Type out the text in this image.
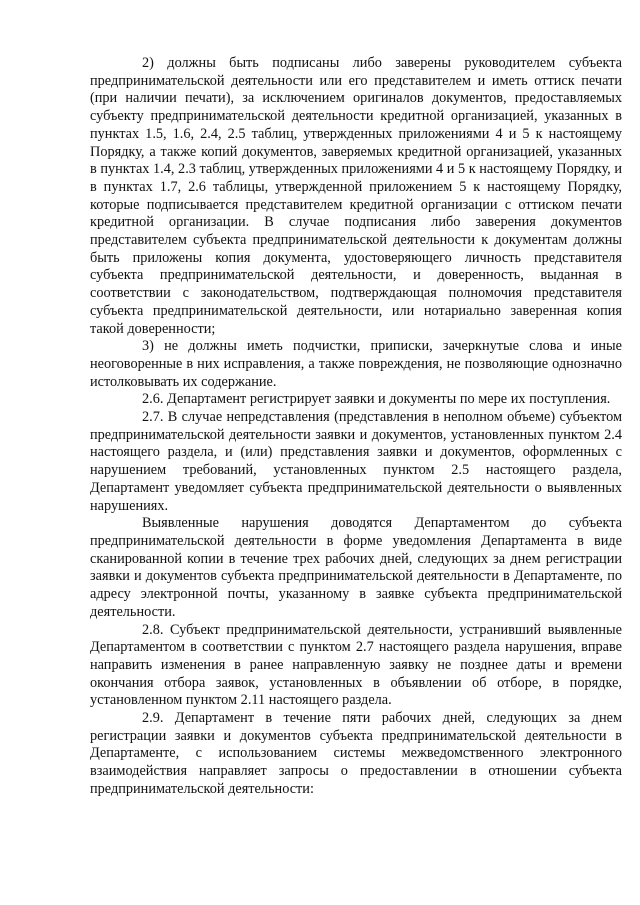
2) должны быть подписаны либо заверены руководителем субъекта предпринимательской деятельности или его представителем и иметь оттиск печати (при наличии печати), за исключением оригиналов документов, предоставляемых субъекту предпринимательской деятельности кредитной организацией, указанных в пунктах 1.5, 1.6, 2.4, 2.5 таблиц, утвержденных приложениями 4 и 5 к настоящему Порядку, а также копий документов, заверяемых кредитной организацией, указанных в пунктах 1.4, 2.3 таблиц, утвержденных приложениями 4 и 5 к настоящему Порядку, и в пунктах 1.7, 2.6 таблицы, утвержденной приложением 5 к настоящему Порядку, которые подписывается представителем кредитной организации с оттиском печати кредитной организации. В случае подписания либо заверения документов представителем субъекта предпринимательской деятельности к документам должны быть приложены копия документа, удостоверяющего личность представителя субъекта предпринимательской деятельности, и доверенность, выданная в соответствии с законодательством, подтверждающая полномочия представителя субъекта предпринимательской деятельности, или нотариально заверенная копия такой доверенности;

3) не должны иметь подчистки, приписки, зачеркнутые слова и иные неоговоренные в них исправления, а также повреждения, не позволяющие однозначно истолковывать их содержание.

2.6. Департамент регистрирует заявки и документы по мере их поступления.

2.7. В случае непредставления (представления в неполном объеме) субъектом предпринимательской деятельности заявки и документов, установленных пунктом 2.4 настоящего раздела, и (или) представления заявки и документов, оформленных с нарушением требований, установленных пунктом 2.5 настоящего раздела, Департамент уведомляет субъекта предпринимательской деятельности о выявленных нарушениях.

Выявленные нарушения доводятся Департаментом до субъекта предпринимательской деятельности в форме уведомления Департамента в виде сканированной копии в течение трех рабочих дней, следующих за днем регистрации заявки и документов субъекта предпринимательской деятельности в Департаменте, по адресу электронной почты, указанному в заявке субъекта предпринимательской деятельности.

2.8. Субъект предпринимательской деятельности, устранивший выявленные Департаментом в соответствии с пунктом 2.7 настоящего раздела нарушения, вправе направить изменения в ранее направленную заявку не позднее даты и времени окончания отбора заявок, установленных в объявлении об отборе, в порядке, установленном пунктом 2.11 настоящего раздела.

2.9. Департамент в течение пяти рабочих дней, следующих за днем регистрации заявки и документов субъекта предпринимательской деятельности в Департаменте, с использованием системы межведомственного электронного взаимодействия направляет запросы о предоставлении в отношении субъекта предпринимательской деятельности:
